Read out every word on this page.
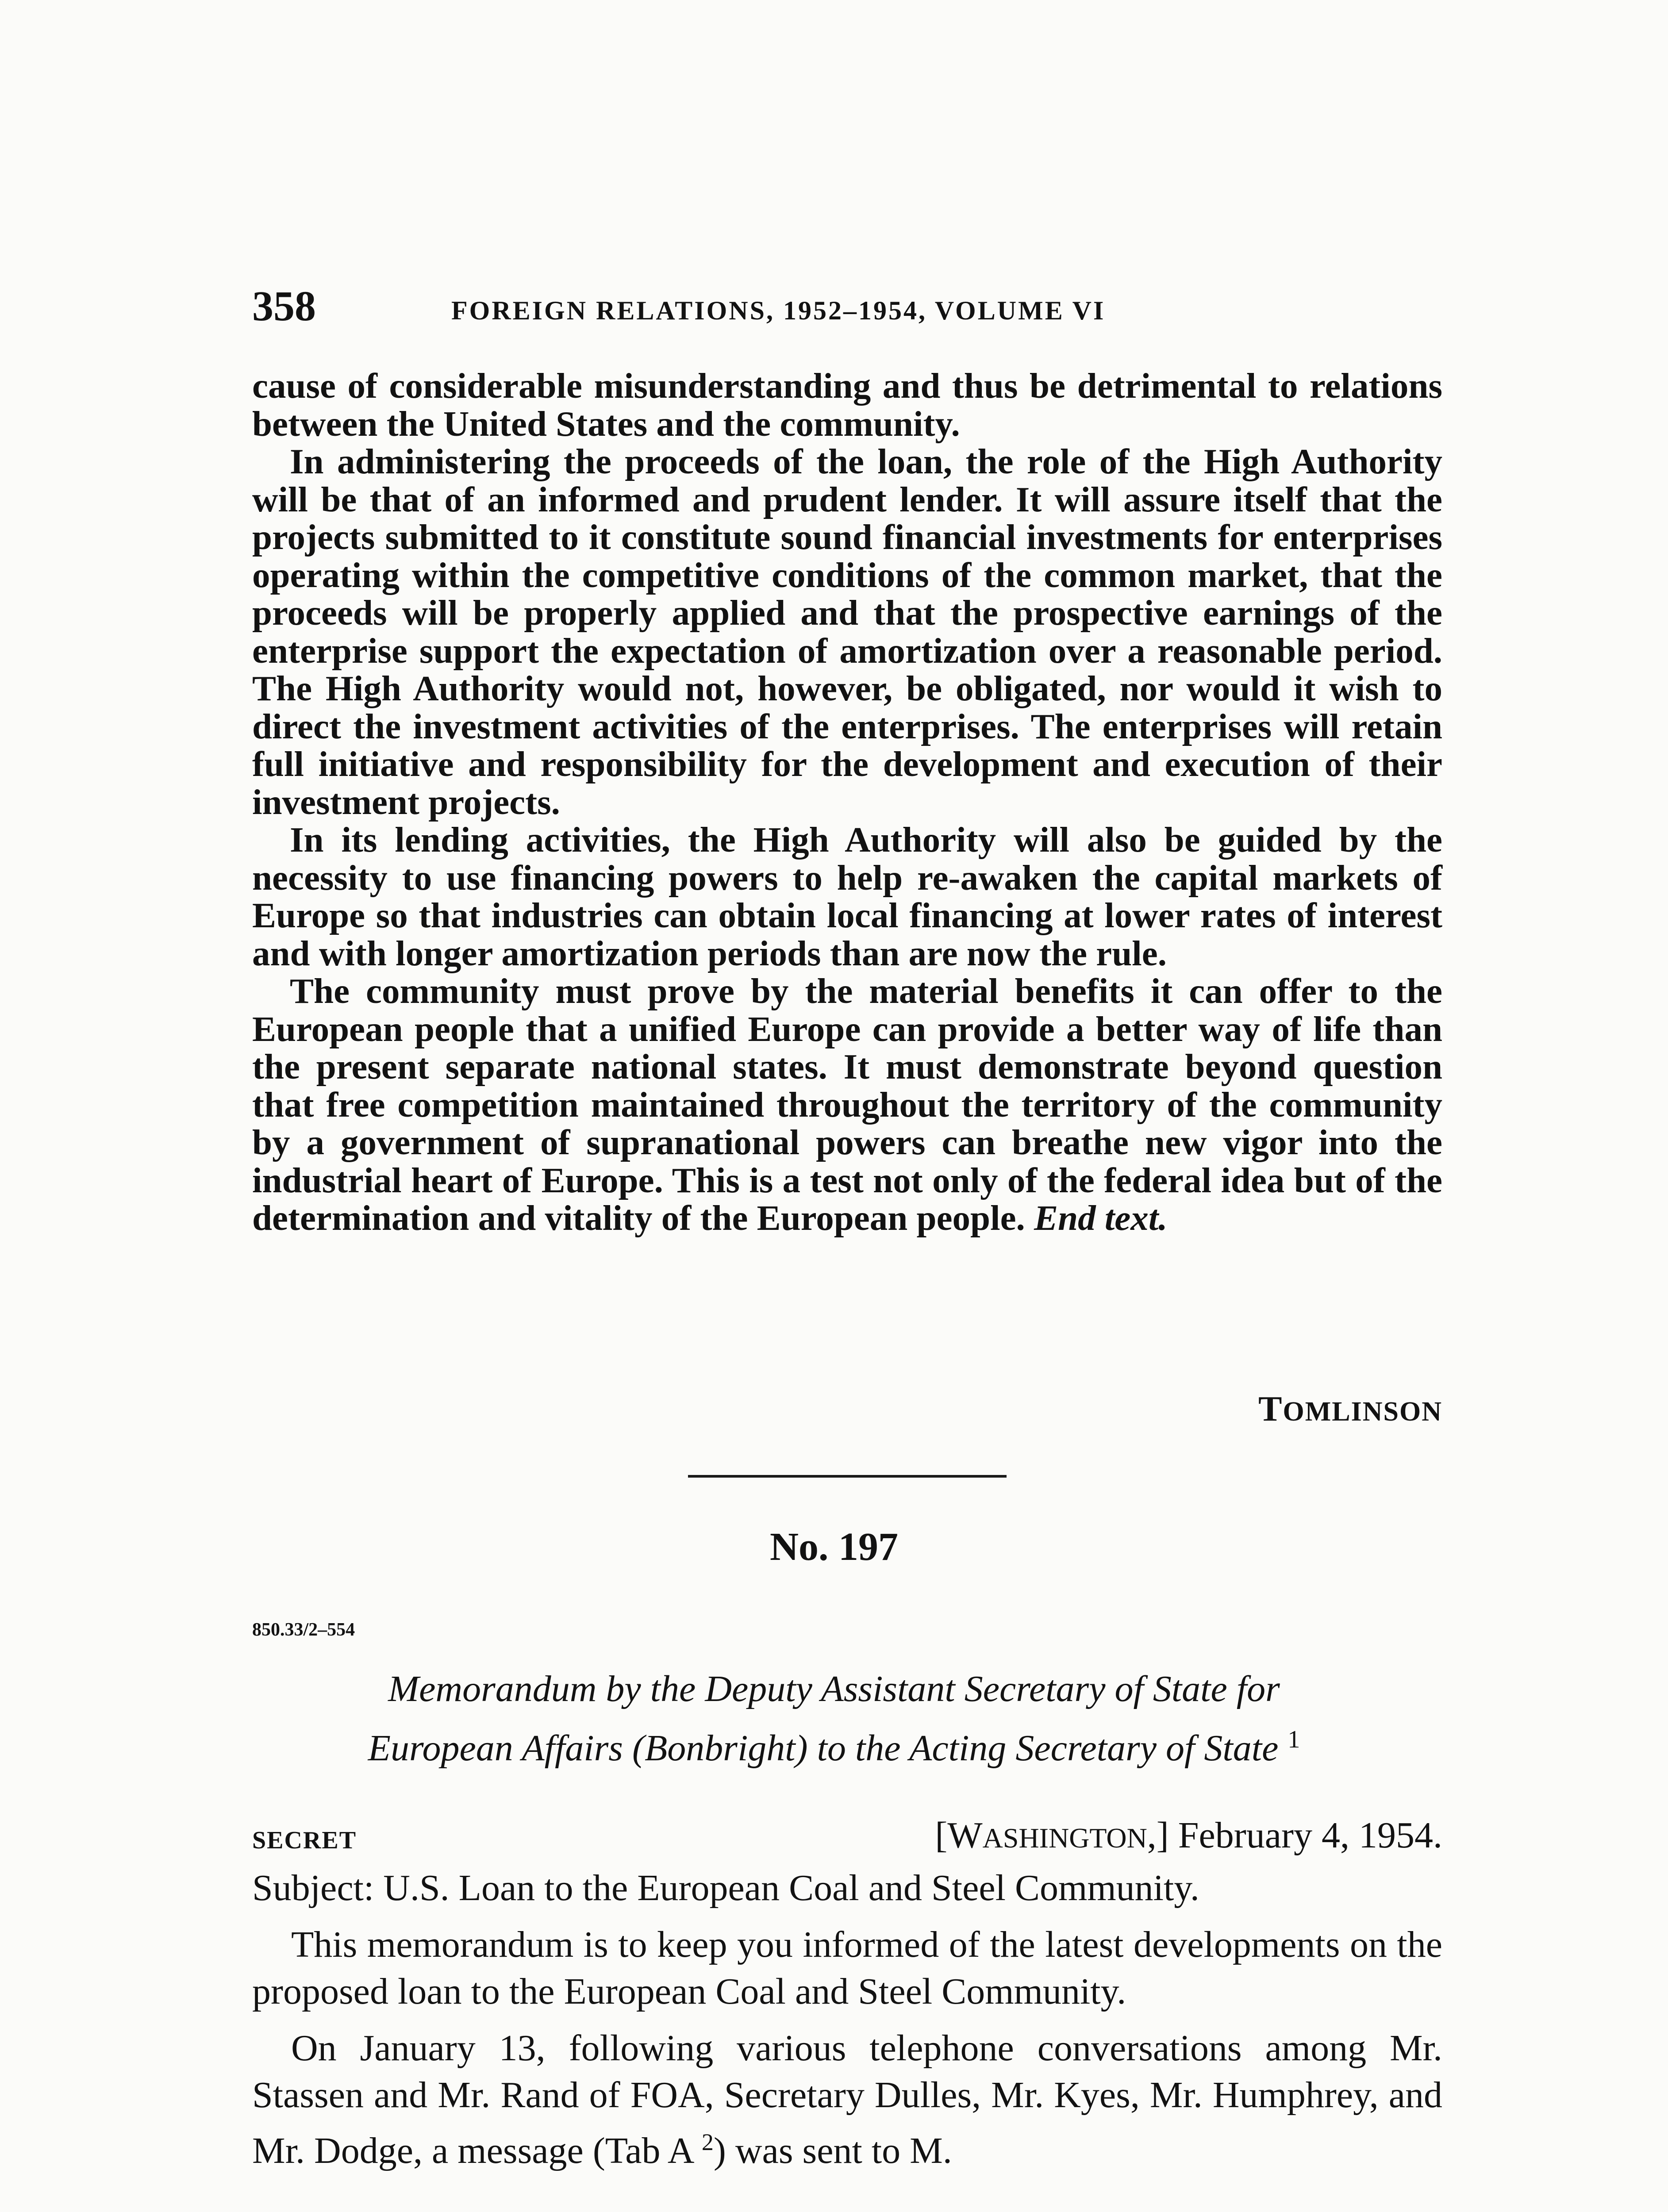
358	FOREIGN RELATIONS, 1952–1954, VOLUME VI

cause of considerable misunderstanding and thus be detrimental to relations between the United States and the community.

In administering the proceeds of the loan, the role of the High Authority will be that of an informed and prudent lender. It will assure itself that the projects submitted to it constitute sound financial investments for enterprises operating within the competitive conditions of the common market, that the proceeds will be properly applied and that the prospective earnings of the enterprise support the expectation of amortization over a reasonable period. The High Authority would not, however, be obligated, nor would it wish to direct the investment activities of the enterprises. The enterprises will retain full initiative and responsibility for the development and execution of their investment projects.

In its lending activities, the High Authority will also be guided by the necessity to use financing powers to help re-awaken the capital markets of Europe so that industries can obtain local financing at lower rates of interest and with longer amortization periods than are now the rule.

The community must prove by the material benefits it can offer to the European people that a unified Europe can provide a better way of life than the present separate national states. It must demonstrate beyond question that free competition maintained throughout the territory of the community by a government of supranational powers can breathe new vigor into the industrial heart of Europe. This is a test not only of the federal idea but of the determination and vitality of the European people. End text.

TOMLINSON
No. 197
850.33/2–554
Memorandum by the Deputy Assistant Secretary of State for
European Affairs (Bonbright) to the Acting Secretary of State $^1$
SECRET	[WASHINGTON,] February 4, 1954.

Subject: U.S. Loan to the European Coal and Steel Community.

This memorandum is to keep you informed of the latest developments on the proposed loan to the European Coal and Steel Community.

On January 13, following various telephone conversations among Mr. Stassen and Mr. Rand of FOA, Secretary Dulles, Mr. Kyes, Mr. Humphrey, and Mr. Dodge, a message (Tab A $^2$) was sent to M.
